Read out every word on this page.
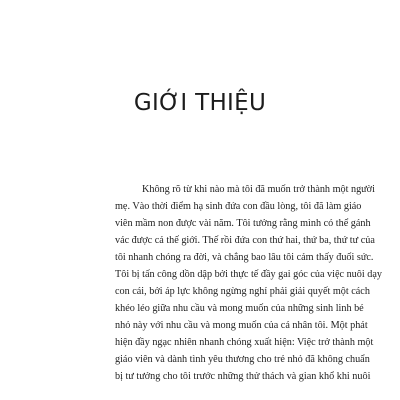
GIỚI THIỆU
Không rõ từ khi nào mà tôi đã muốn trở thành một người
mẹ. Vào thời điểm hạ sinh đứa con đầu lòng, tôi đã làm giáo
viên mầm non được vài năm. Tôi tưởng rằng mình có thể gánh
vác được cả thế giới. Thế rồi đứa con thứ hai, thứ ba, thứ tư của
tôi nhanh chóng ra đời, và chẳng bao lâu tôi cảm thấy đuối sức.
Tôi bị tấn công dồn dập bởi thực tế đầy gai góc của việc nuôi dạy
con cái, bởi áp lực không ngừng nghỉ phải giải quyết một cách
khéo léo giữa nhu cầu và mong muốn của những sinh linh bé
nhỏ này với nhu cầu và mong muốn của cá nhân tôi. Một phát
hiện đầy ngạc nhiên nhanh chóng xuất hiện: Việc trở thành một
giáo viên và dành tình yêu thương cho trẻ nhỏ đã không chuẩn
bị tư tưởng cho tôi trước những thử thách và gian khổ khi nuôi
